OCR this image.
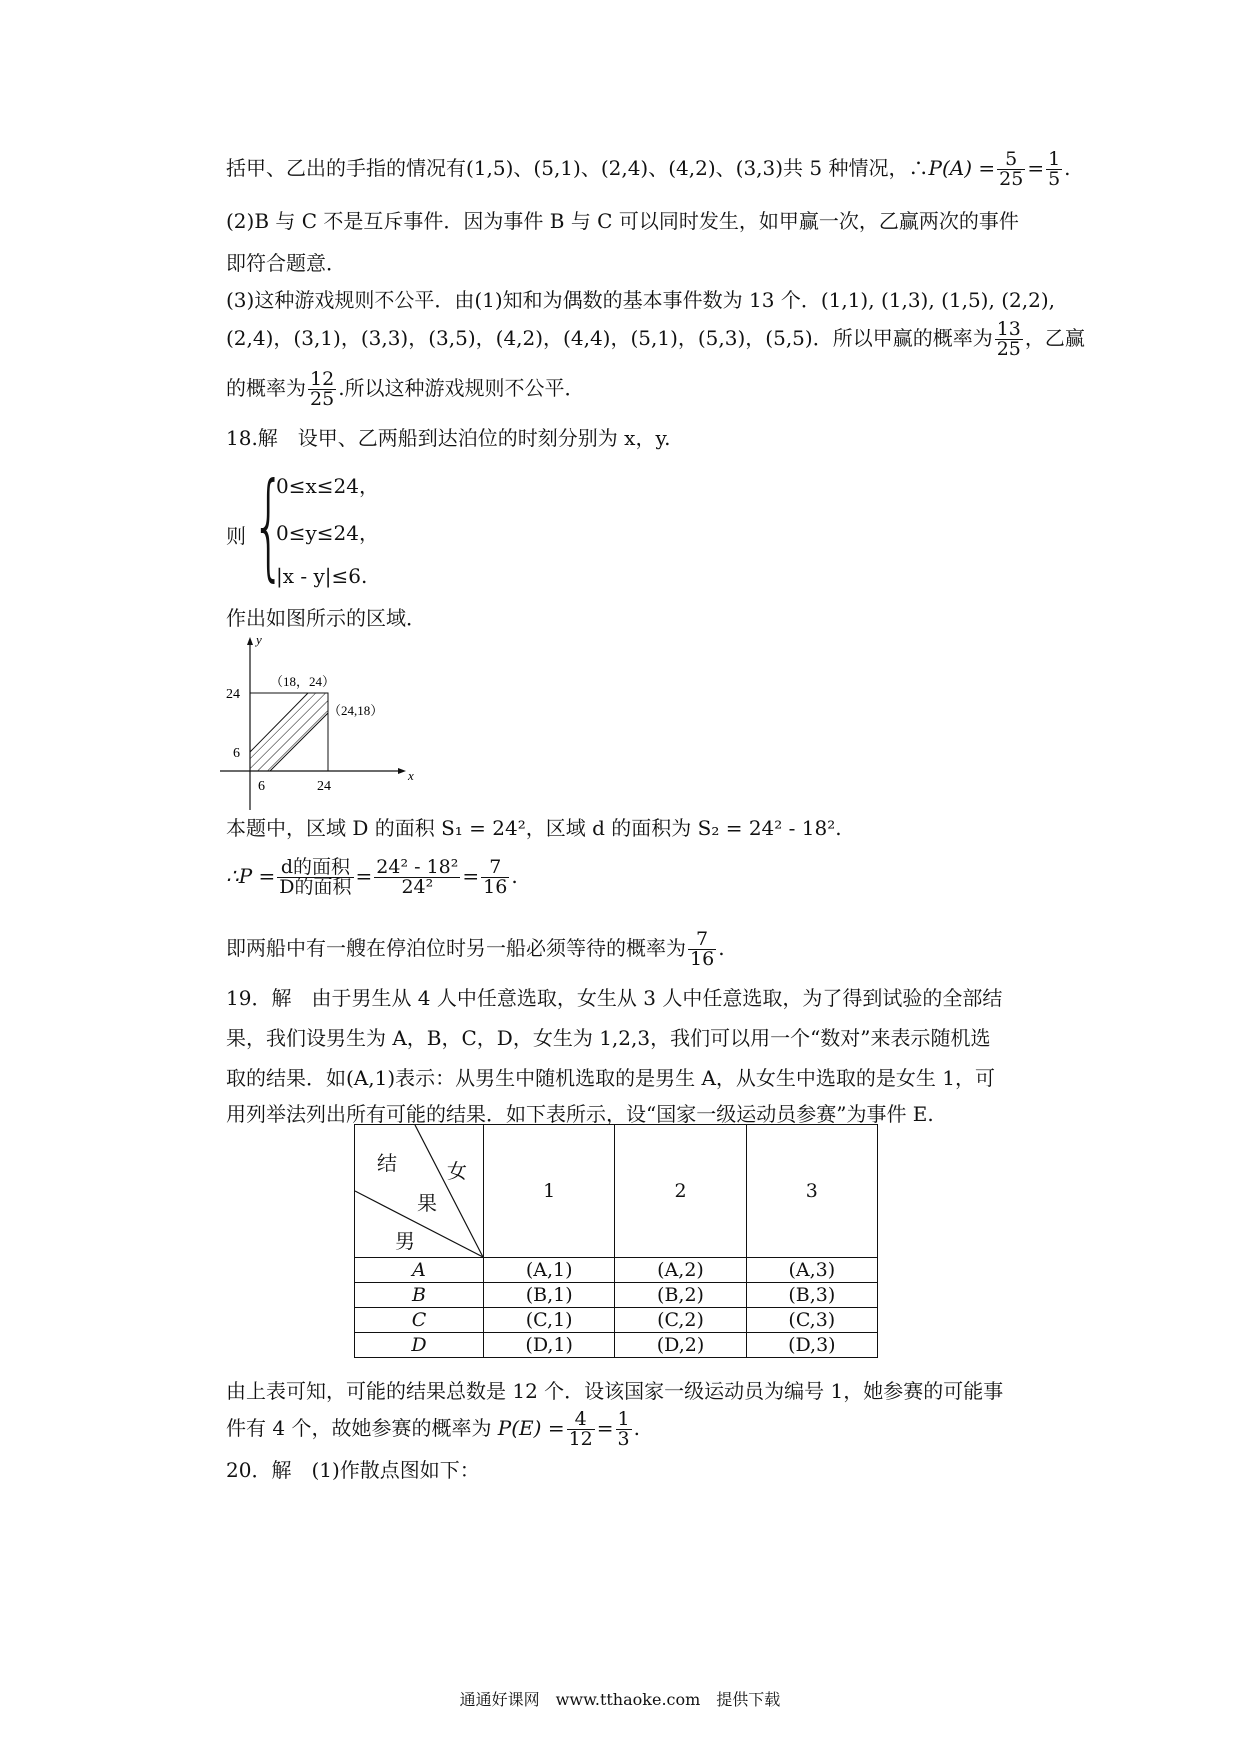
括甲、乙出的手指的情况有(1,5)、(5,1)、(2,4)、(4,2)、(3,3)共 5 种情况，∴P(A) = $\frac{5}{25} = \frac{1}{5}$ .
(2)B 与 C 不是互斥事件．因为事件 B 与 C 可以同时发生，如甲赢一次，乙赢两次的事件
即符合题意．
(3)这种游戏规则不公平．由(1)知和为偶数的基本事件数为 13 个．(1,1), (1,3), (1,5), (2,2),
(2,4)，(3,1)，(3,3)，(3,5)，(4,2)，(4,4)，(5,1)，(5,3)，(5,5)．所以甲赢的概率为 $\frac{13}{25}$ ，乙赢
的概率为 $\frac{12}{25}$ .所以这种游戏规则不公平．
18.解　设甲、乙两船到达泊位的时刻分别为 x，y.
则 {
0≤x≤24，
0≤y≤24，
|x - y|≤6.
作出如图所示的区域．
y
x
24
6
6	24
（18，24）
（24,18）
本题中，区域 D 的面积 S₁ = 24²，区域 d 的面积为 S₂ = 24² - 18².
∴P = $\frac{\text{d的面积}}{\text{D的面积}} = \frac{\text{24² - 18²}}{\text{24²}} = \frac{7}{16}$ .
即两船中有一艘在停泊位时另一船必须等待的概率为 $\frac{7}{16}$ .
19．解　由于男生从 4 人中任意选取，女生从 3 人中任意选取，为了得到试验的全部结
果，我们设男生为 A，B，C，D，女生为 1,2,3，我们可以用一个“数对”来表示随机选
取的结果．如(A,1)表示：从男生中随机选取的是男生 A，从女生中选取的是女生 1，可
用列举法列出所有可能的结果．如下表所示，设“国家一级运动员参赛”为事件 E.
结 女
果
男	1	2	3
A	(A,1)	(A,2)	(A,3)
B	(B,1)	(B,2)	(B,3)
C	(C,1)	(C,2)	(C,3)
D	(D,1)	(D,2)	(D,3)
由上表可知，可能的结果总数是 12 个．设该国家一级运动员为编号 1，她参赛的可能事
件有 4 个，故她参赛的概率为 $P(E) = \frac{4}{12} = \frac{1}{3}$ .
20．解　(1)作散点图如下：
通通好课网　www.tthaoke.com　提供下载
